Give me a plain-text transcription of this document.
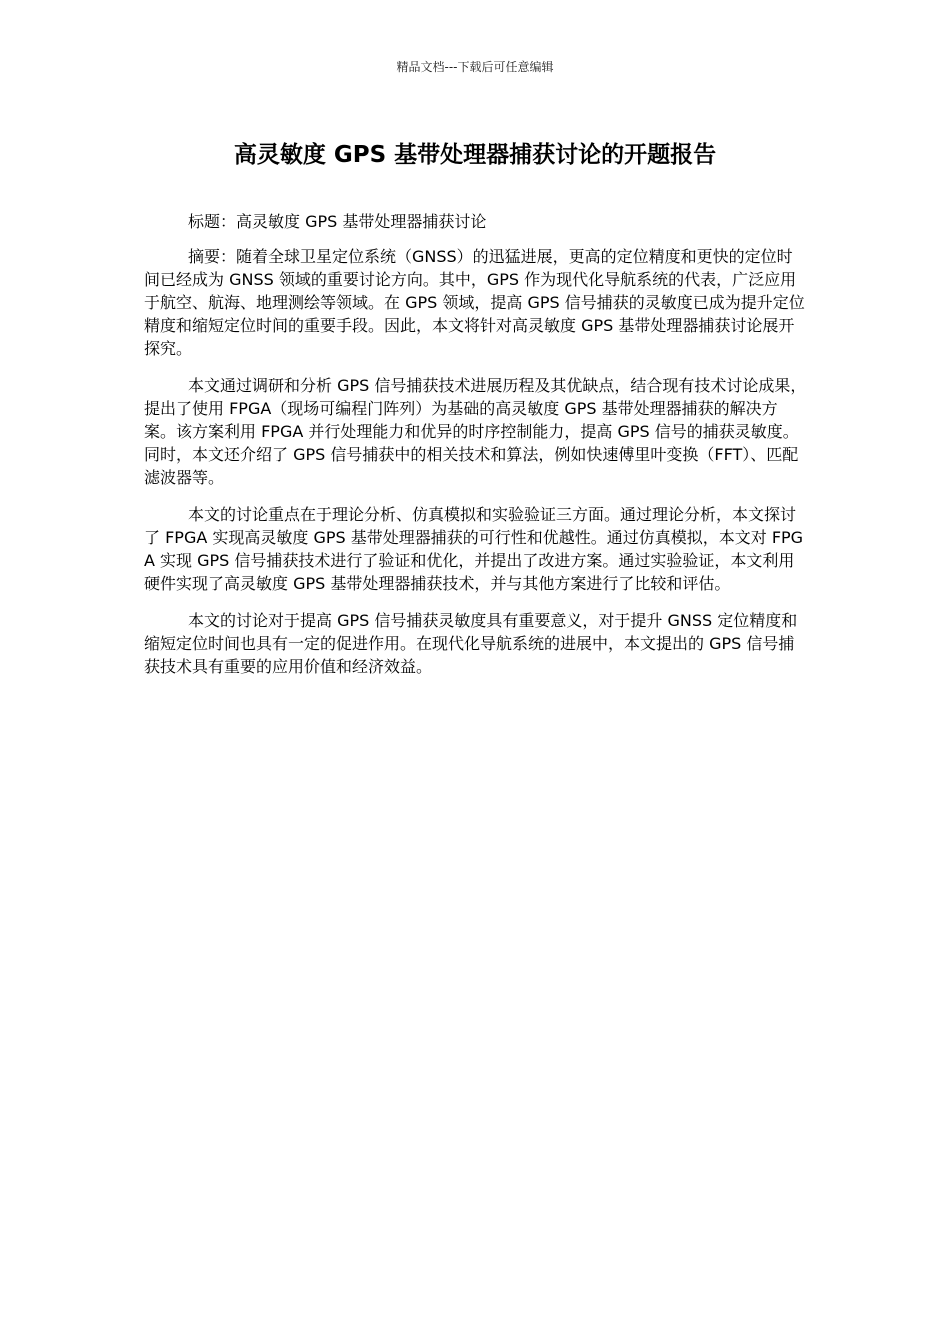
精品文档---下载后可任意编辑
高灵敏度 GPS 基带处理器捕获讨论的开题报告

标题：高灵敏度 GPS 基带处理器捕获讨论

摘要：随着全球卫星定位系统（GNSS）的迅猛进展，更高的定位精度和更快的定位时间已经成为 GNSS 领域的重要讨论方向。其中，GPS 作为现代化导航系统的代表，广泛应用于航空、航海、地理测绘等领域。在 GPS 领域，提高 GPS 信号捕获的灵敏度已成为提升定位精度和缩短定位时间的重要手段。因此，本文将针对高灵敏度 GPS 基带处理器捕获讨论展开探究。

本文通过调研和分析 GPS 信号捕获技术进展历程及其优缺点，结合现有技术讨论成果，提出了使用 FPGA（现场可编程门阵列）为基础的高灵敏度 GPS 基带处理器捕获的解决方案。该方案利用 FPGA 并行处理能力和优异的时序控制能力，提高 GPS 信号的捕获灵敏度。同时，本文还介绍了 GPS 信号捕获中的相关技术和算法，例如快速傅里叶变换（FFT）、匹配滤波器等。

本文的讨论重点在于理论分析、仿真模拟和实验验证三方面。通过理论分析，本文探讨了 FPGA 实现高灵敏度 GPS 基带处理器捕获的可行性和优越性。通过仿真模拟，本文对 FPGA 实现 GPS 信号捕获技术进行了验证和优化，并提出了改进方案。通过实验验证，本文利用硬件实现了高灵敏度 GPS 基带处理器捕获技术，并与其他方案进行了比较和评估。

本文的讨论对于提高 GPS 信号捕获灵敏度具有重要意义，对于提升 GNSS 定位精度和缩短定位时间也具有一定的促进作用。在现代化导航系统的进展中，本文提出的 GPS 信号捕获技术具有重要的应用价值和经济效益。
